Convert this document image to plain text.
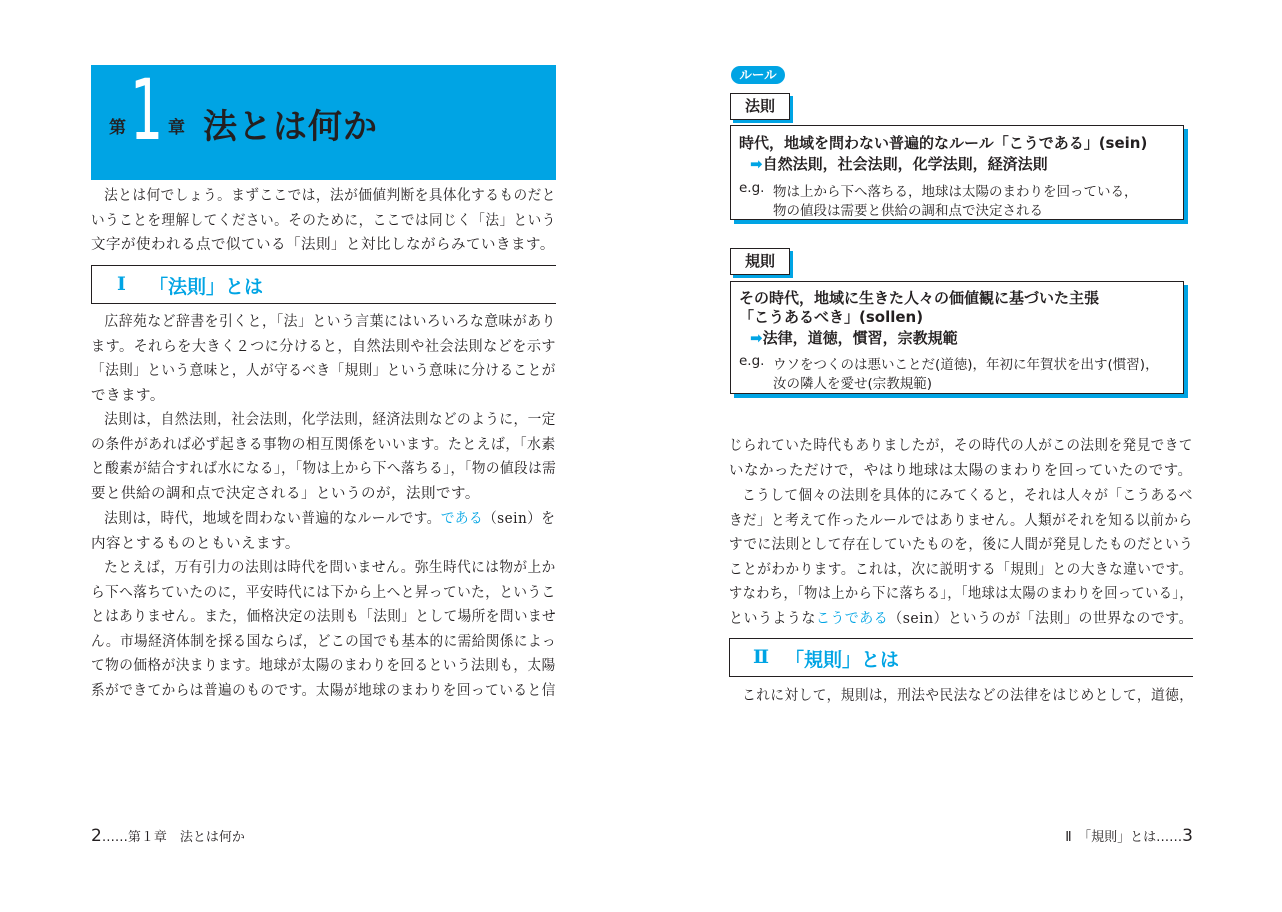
第 1 章 法とは何か
法とは何でしょう。まずここでは，法が価値判断を具体化するものだと
いうことを理解してください。そのために，ここでは同じく「法」という
文字が使われる点で似ている「法則」と対比しながらみていきます。
Ⅰ 「法則」とは
広辞苑など辞書を引くと，「法」という言葉にはいろいろな意味があり
ます。それらを大きく２つに分けると，自然法則や社会法則などを示す
「法則」という意味と，人が守るべき「規則」という意味に分けることが
できます。
法則は，自然法則，社会法則，化学法則，経済法則などのように，一定
の条件があれば必ず起きる事物の相互関係をいいます。たとえば，「水素
と酸素が結合すれば水になる」，「物は上から下へ落ちる」，「物の値段は需
要と供給の調和点で決定される」というのが，法則です。
法則は，時代，地域を問わない普遍的なルールです。である（sein）を
内容とするものともいえます。
たとえば，万有引力の法則は時代を問いません。弥生時代には物が上か
ら下へ落ちていたのに，平安時代には下から上へと昇っていた，というこ
とはありません。また，価格決定の法則も「法則」として場所を問いませ
ん。市場経済体制を採る国ならば，どこの国でも基本的に需給関係によっ
て物の価格が決まります。地球が太陽のまわりを回るという法則も，太陽
系ができてからは普遍のものです。太陽が地球のまわりを回っていると信
2……第１章　法とは何か
ルール
法則
時代，地域を問わない普遍的なルール「こうである」(sein)
➡自然法則，社会法則，化学法則，経済法則
e.g. 物は上から下へ落ちる，地球は太陽のまわりを回っている，
物の値段は需要と供給の調和点で決定される
規則
その時代，地域に生きた人々の価値観に基づいた主張
「こうあるべき」(sollen)
➡法律，道徳，慣習，宗教規範
e.g. ウソをつくのは悪いことだ(道徳)，年初に年賀状を出す(慣習)，
汝の隣人を愛せ(宗教規範)
じられていた時代もありましたが，その時代の人がこの法則を発見できて
いなかっただけで，やはり地球は太陽のまわりを回っていたのです。
こうして個々の法則を具体的にみてくると，それは人々が「こうあるべ
きだ」と考えて作ったルールではありません。人類がそれを知る以前から
すでに法則として存在していたものを，後に人間が発見したものだという
ことがわかります。これは，次に説明する「規則」との大きな違いです。
すなわち，「物は上から下に落ちる」，「地球は太陽のまわりを回っている」，
というようなこうである（sein）というのが「法則」の世界なのです。
Ⅱ 「規則」とは
これに対して，規則は，刑法や民法などの法律をはじめとして，道徳，
Ⅱ　「規則」とは……3
